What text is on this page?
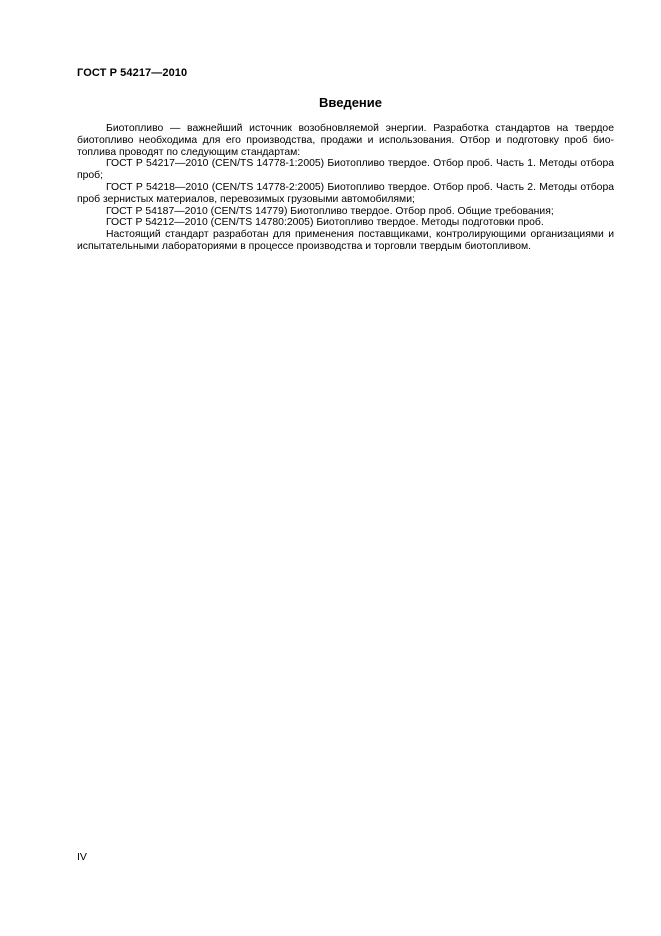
ГОСТ Р 54217—2010
Введение

Биотопливо — важнейший источник возобновляемой энергии. Разработка стандартов на твердое биотопливо необходима для его производства, продажи и использования. Отбор и подготовку проб биотоплива проводят по следующим стандартам:

ГОСТ Р 54217—2010 (CEN/TS 14778-1:2005) Биотопливо твердое. Отбор проб. Часть 1. Методы отбора проб;

ГОСТ Р 54218—2010 (CEN/TS 14778-2:2005) Биотопливо твердое. Отбор проб. Часть 2. Методы отбора проб зернистых материалов, перевозимых грузовыми автомобилями;

ГОСТ Р 54187—2010 (CEN/TS 14779) Биотопливо твердое. Отбор проб. Общие требования;

ГОСТ Р 54212—2010 (CEN/TS 14780:2005) Биотопливо твердое. Методы подготовки проб.

Настоящий стандарт разработан для применения поставщиками, контролирующими организациями и испытательными лабораториями в процессе производства и торговли твердым биотопливом.

IV
